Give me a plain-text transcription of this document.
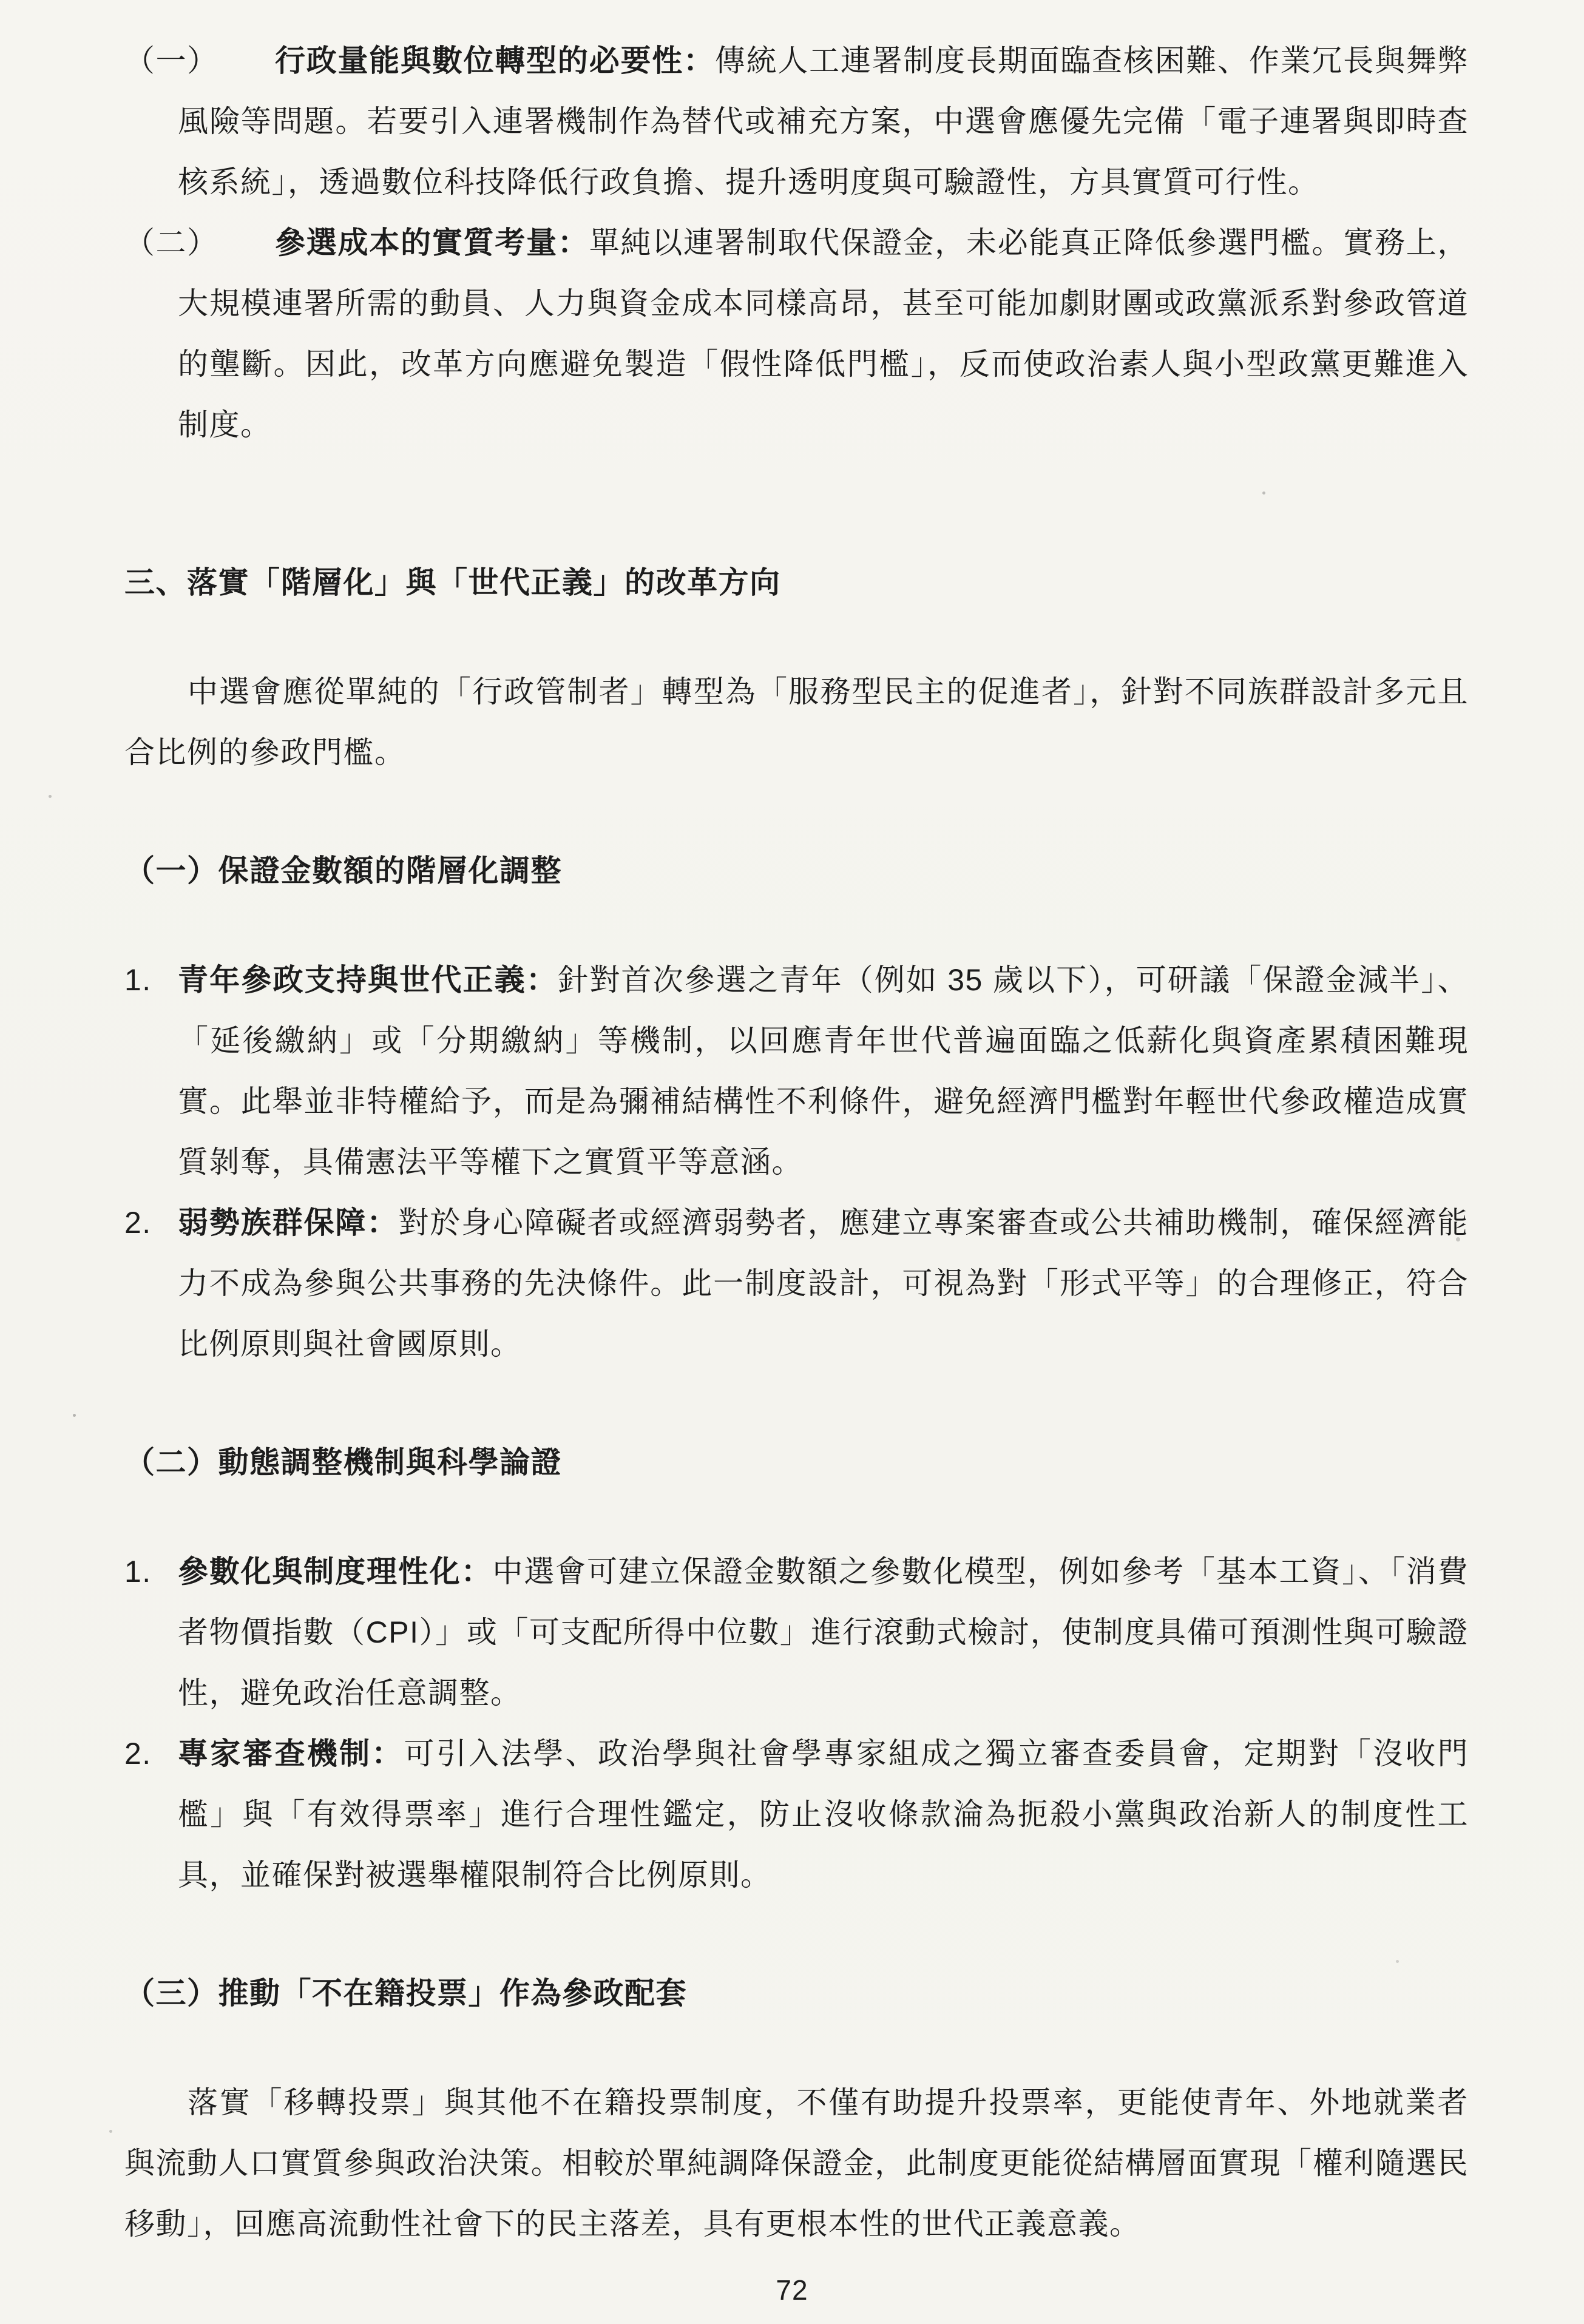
（一）	行政量能與數位轉型的必要性：傳統人工連署制度長期面臨查核困難、作業冗長與舞弊風險等問題。若要引入連署機制作為替代或補充方案，中選會應優先完備「電子連署與即時查核系統」，透過數位科技降低行政負擔、提升透明度與可驗證性，方具實質可行性。

（二）	參選成本的實質考量：單純以連署制取代保證金，未必能真正降低參選門檻。實務上，大規模連署所需的動員、人力與資金成本同樣高昂，甚至可能加劇財團或政黨派系對參政管道的壟斷。因此，改革方向應避免製造「假性降低門檻」，反而使政治素人與小型政黨更難進入制度。

三、落實「階層化」與「世代正義」的改革方向

中選會應從單純的「行政管制者」轉型為「服務型民主的促進者」，針對不同族群設計多元且合比例的參政門檻。

（一）保證金數額的階層化調整

1. 青年參政支持與世代正義：針對首次參選之青年（例如 35 歲以下），可研議「保證金減半」、「延後繳納」或「分期繳納」等機制，以回應青年世代普遍面臨之低薪化與資產累積困難現實。此舉並非特權給予，而是為彌補結構性不利條件，避免經濟門檻對年輕世代參政權造成實質剝奪，具備憲法平等權下之實質平等意涵。

2. 弱勢族群保障：對於身心障礙者或經濟弱勢者，應建立專案審查或公共補助機制，確保經濟能力不成為參與公共事務的先決條件。此一制度設計，可視為對「形式平等」的合理修正，符合比例原則與社會國原則。

（二）動態調整機制與科學論證

1. 參數化與制度理性化：中選會可建立保證金數額之參數化模型，例如參考「基本工資」、「消費者物價指數（CPI）」或「可支配所得中位數」進行滾動式檢討，使制度具備可預測性與可驗證性，避免政治任意調整。

2. 專家審查機制：可引入法學、政治學與社會學專家組成之獨立審查委員會，定期對「沒收門檻」與「有效得票率」進行合理性鑑定，防止沒收條款淪為扼殺小黨與政治新人的制度性工具，並確保對被選舉權限制符合比例原則。

（三）推動「不在籍投票」作為參政配套

落實「移轉投票」與其他不在籍投票制度，不僅有助提升投票率，更能使青年、外地就業者與流動人口實質參與政治決策。相較於單純調降保證金，此制度更能從結構層面實現「權利隨選民移動」，回應高流動性社會下的民主落差，具有更根本性的世代正義意義。

72
